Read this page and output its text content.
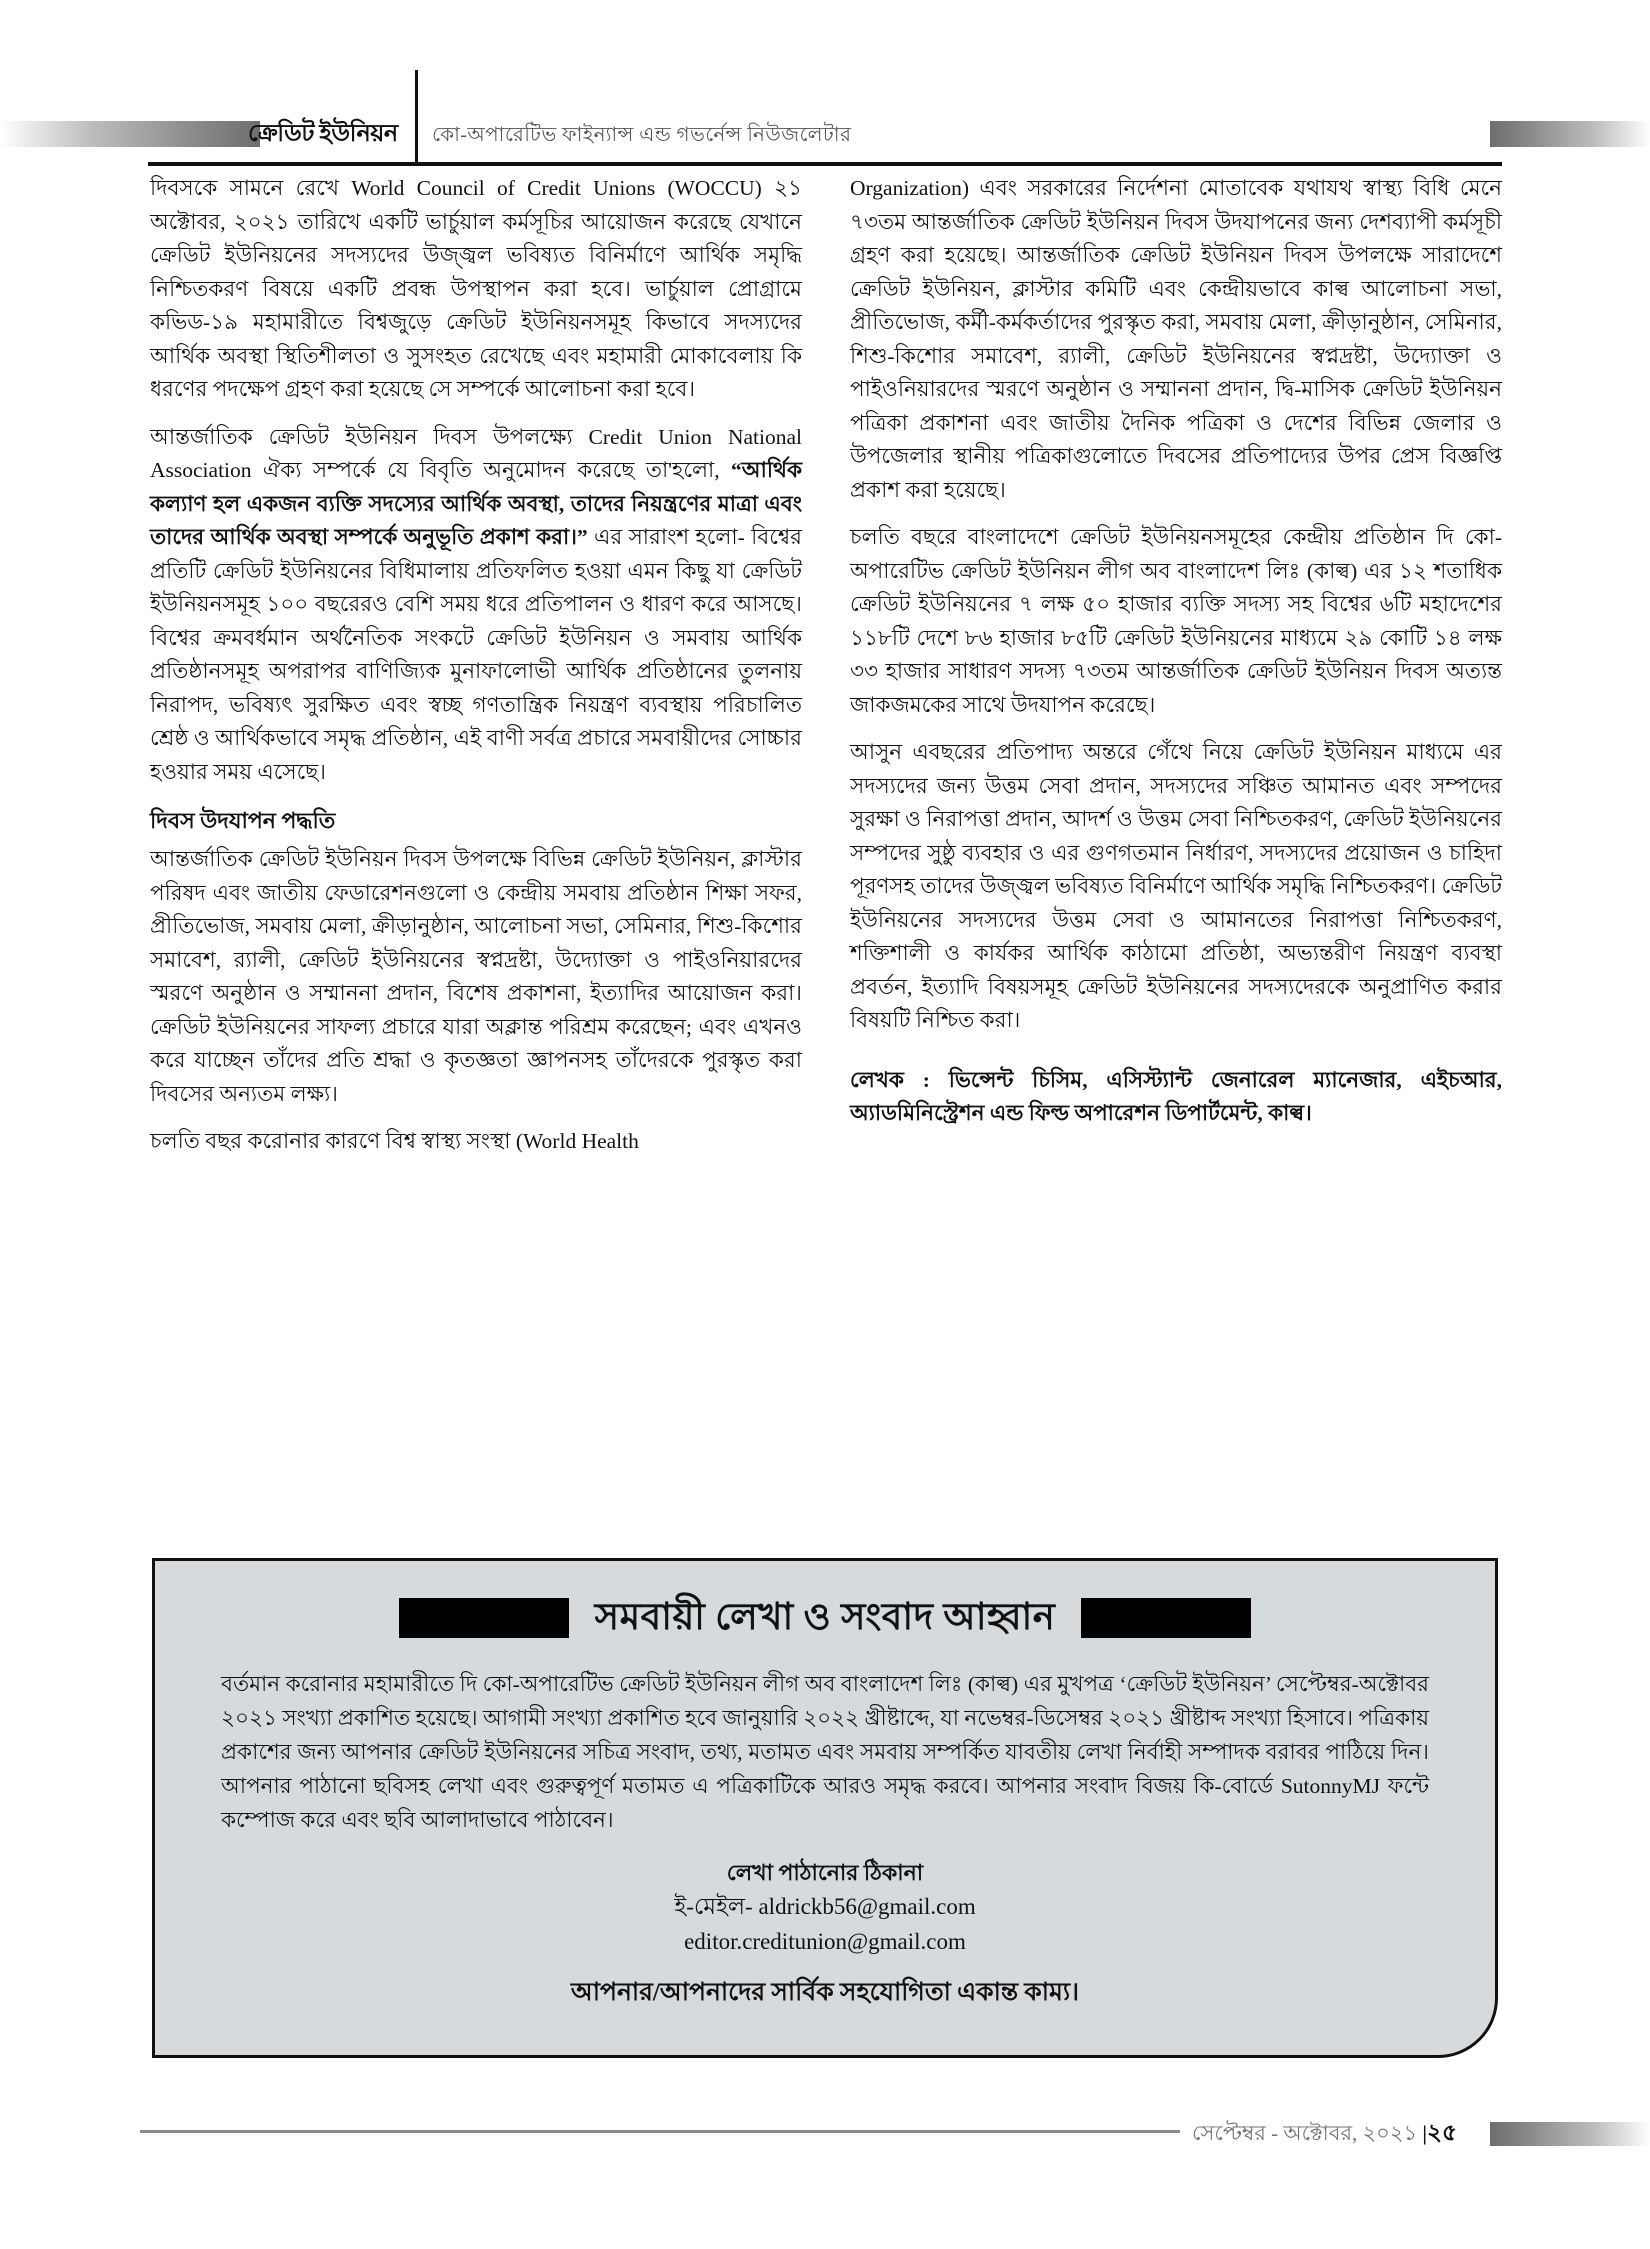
ক্রেডিট ইউনিয়ন কো-অপারেটিভ ফাইন্যান্স এন্ড গভর্নেন্স নিউজলেটার

দিবসকে সামনে রেখে World Council of Credit Unions (WOCCU) ২১ অক্টোবর, ২০২১ তারিখে একটি ভার্চুয়াল কর্মসূচির আয়োজন করেছে যেখানে ক্রেডিট ইউনিয়নের সদস্যদের উজ্জ্বল ভবিষ্যত বিনির্মাণে আর্থিক সমৃদ্ধি নিশ্চিতকরণ বিষয়ে একটি প্রবন্ধ উপস্থাপন করা হবে। ভার্চুয়াল প্রোগ্রামে কভিড-১৯ মহামারীতে বিশ্বজুড়ে ক্রেডিট ইউনিয়নসমূহ কিভাবে সদস্যদের আর্থিক অবস্থা স্থিতিশীলতা ও সুসংহত রেখেছে এবং মহামারী মোকাবেলায় কি ধরণের পদক্ষেপ গ্রহণ করা হয়েছে সে সম্পর্কে আলোচনা করা হবে।

আন্তর্জাতিক ক্রেডিট ইউনিয়ন দিবস উপলক্ষ্যে Credit Union National Association ঐক্য সম্পর্কে যে বিবৃতি অনুমোদন করেছে তা'হলো, “আর্থিক কল্যাণ হল একজন ব্যক্তি সদস্যের আর্থিক অবস্থা, তাদের নিয়ন্ত্রণের মাত্রা এবং তাদের আর্থিক অবস্থা সম্পর্কে অনুভূতি প্রকাশ করা।” এর সারাংশ হলো- বিশ্বের প্রতিটি ক্রেডিট ইউনিয়নের বিধিমালায় প্রতিফলিত হওয়া এমন কিছু যা ক্রেডিট ইউনিয়নসমূহ ১০০ বছরেরও বেশি সময় ধরে প্রতিপালন ও ধারণ করে আসছে। বিশ্বের ক্রমবর্ধমান অর্থনৈতিক সংকটে ক্রেডিট ইউনিয়ন ও সমবায় আর্থিক প্রতিষ্ঠানসমূহ অপরাপর বাণিজ্যিক মুনাফালোভী আর্থিক প্রতিষ্ঠানের তুলনায় নিরাপদ, ভবিষ্যৎ সুরক্ষিত এবং স্বচ্ছ গণতান্ত্রিক নিয়ন্ত্রণ ব্যবস্থায় পরিচালিত শ্রেষ্ঠ ও আর্থিকভাবে সমৃদ্ধ প্রতিষ্ঠান, এই বাণী সর্বত্র প্রচারে সমবায়ীদের সোচ্চার হওয়ার সময় এসেছে।

দিবস উদযাপন পদ্ধতি

আন্তর্জাতিক ক্রেডিট ইউনিয়ন দিবস উপলক্ষে বিভিন্ন ক্রেডিট ইউনিয়ন, ক্লাস্টার পরিষদ এবং জাতীয় ফেডারেশনগুলো ও কেন্দ্রীয় সমবায় প্রতিষ্ঠান শিক্ষা সফর, প্রীতিভোজ, সমবায় মেলা, ক্রীড়ানুষ্ঠান, আলোচনা সভা, সেমিনার, শিশু-কিশোর সমাবেশ, র‍্যালী, ক্রেডিট ইউনিয়নের স্বপ্নদ্রষ্টা, উদ্যোক্তা ও পাইওনিয়ারদের স্মরণে অনুষ্ঠান ও সম্মাননা প্রদান, বিশেষ প্রকাশনা, ইত্যাদির আয়োজন করা। ক্রেডিট ইউনিয়নের সাফল্য প্রচারে যারা অক্লান্ত পরিশ্রম করেছেন; এবং এখনও করে যাচ্ছেন তাঁদের প্রতি শ্রদ্ধা ও কৃতজ্ঞতা জ্ঞাপনসহ তাঁদেরকে পুরস্কৃত করা দিবসের অন্যতম লক্ষ্য।

চলতি বছর করোনার কারণে বিশ্ব স্বাস্থ্য সংস্থা (World Health

Organization) এবং সরকারের নির্দেশনা মোতাবেক যথাযথ স্বাস্থ্য বিধি মেনে ৭৩তম আন্তর্জাতিক ক্রেডিট ইউনিয়ন দিবস উদযাপনের জন্য দেশব্যাপী কর্মসূচী গ্রহণ করা হয়েছে। আন্তর্জাতিক ক্রেডিট ইউনিয়ন দিবস উপলক্ষে সারাদেশে ক্রেডিট ইউনিয়ন, ক্লাস্টার কমিটি এবং কেন্দ্রীয়ভাবে কাল্ব আলোচনা সভা, প্রীতিভোজ, কর্মী-কর্মকর্তাদের পুরস্কৃত করা, সমবায় মেলা, ক্রীড়ানুষ্ঠান, সেমিনার, শিশু-কিশোর সমাবেশ, র‍্যালী, ক্রেডিট ইউনিয়নের স্বপ্নদ্রষ্টা, উদ্যোক্তা ও পাইওনিয়ারদের স্মরণে অনুষ্ঠান ও সম্মাননা প্রদান, দ্বি-মাসিক ক্রেডিট ইউনিয়ন পত্রিকা প্রকাশনা এবং জাতীয় দৈনিক পত্রিকা ও দেশের বিভিন্ন জেলার ও উপজেলার স্থানীয় পত্রিকাগুলোতে দিবসের প্রতিপাদ্যের উপর প্রেস বিজ্ঞপ্তি প্রকাশ করা হয়েছে।

চলতি বছরে বাংলাদেশে ক্রেডিট ইউনিয়নসমূহের কেন্দ্রীয় প্রতিষ্ঠান দি কো-অপারেটিভ ক্রেডিট ইউনিয়ন লীগ অব বাংলাদেশ লিঃ (কাল্ব) এর ১২ শতাধিক ক্রেডিট ইউনিয়নের ৭ লক্ষ ৫০ হাজার ব্যক্তি সদস্য সহ বিশ্বের ৬টি মহাদেশের ১১৮টি দেশে ৮৬ হাজার ৮৫টি ক্রেডিট ইউনিয়নের মাধ্যমে ২৯ কোটি ১৪ লক্ষ ৩৩ হাজার সাধারণ সদস্য ৭৩তম আন্তর্জাতিক ক্রেডিট ইউনিয়ন দিবস অত্যন্ত জাকজমকের সাথে উদযাপন করেছে।

আসুন এবছরের প্রতিপাদ্য অন্তরে গেঁথে নিয়ে ক্রেডিট ইউনিয়ন মাধ্যমে এর সদস্যদের জন্য উত্তম সেবা প্রদান, সদস্যদের সঞ্চিত আমানত এবং সম্পদের সুরক্ষা ও নিরাপত্তা প্রদান, আদর্শ ও উত্তম সেবা নিশ্চিতকরণ, ক্রেডিট ইউনিয়নের সম্পদের সুষ্ঠু ব্যবহার ও এর গুণগতমান নির্ধারণ, সদস্যদের প্রয়োজন ও চাহিদা পূরণসহ তাদের উজ্জ্বল ভবিষ্যত বিনির্মাণে আর্থিক সমৃদ্ধি নিশ্চিতকরণ। ক্রেডিট ইউনিয়নের সদস্যদের উত্তম সেবা ও আমানতের নিরাপত্তা নিশ্চিতকরণ, শক্তিশালী ও কার্যকর আর্থিক কাঠামো প্রতিষ্ঠা, অভ্যন্তরীণ নিয়ন্ত্রণ ব্যবস্থা প্রবর্তন, ইত্যাদি বিষয়সমূহ ক্রেডিট ইউনিয়নের সদস্যদেরকে অনুপ্রাণিত করার বিষয়টি নিশ্চিত করা।

লেখক : ভিন্সেন্ট চিসিম, এসিস্ট্যান্ট জেনারেল ম্যানেজার, এইচআর, অ্যাডমিনিস্ট্রেশন এন্ড ফিল্ড অপারেশন ডিপার্টমেন্ট, কাল্ব।

সমবায়ী লেখা ও সংবাদ আহ্বান
বর্তমান করোনার মহামারীতে দি কো-অপারেটিভ ক্রেডিট ইউনিয়ন লীগ অব বাংলাদেশ লিঃ (কাল্ব) এর মুখপত্র ‘ক্রেডিট ইউনিয়ন’ সেপ্টেম্বর-অক্টোবর ২০২১ সংখ্যা প্রকাশিত হয়েছে। আগামী সংখ্যা প্রকাশিত হবে জানুয়ারি ২০২২ খ্রীষ্টাব্দে, যা নভেম্বর-ডিসেম্বর ২০২১ খ্রীষ্টাব্দ সংখ্যা হিসাবে। পত্রিকায় প্রকাশের জন্য আপনার ক্রেডিট ইউনিয়নের সচিত্র সংবাদ, তথ্য, মতামত এবং সমবায় সম্পর্কিত যাবতীয় লেখা নির্বাহী সম্পাদক বরাবর পাঠিয়ে দিন। আপনার পাঠানো ছবিসহ লেখা এবং গুরুত্বপূর্ণ মতামত এ পত্রিকাটিকে আরও সমৃদ্ধ করবে। আপনার সংবাদ বিজয় কি-বোর্ডে SutonnyMJ ফন্টে কম্পোজ করে এবং ছবি আলাদাভাবে পাঠাবেন।
লেখা পাঠানোর ঠিকানা
ই-মেইল- aldrickb56@gmail.com
editor.creditunion@gmail.com
আপনার/আপনাদের সার্বিক সহযোগিতা একান্ত কাম্য।
সেপ্টেম্বর - অক্টোবর, ২০২১ |২৫
